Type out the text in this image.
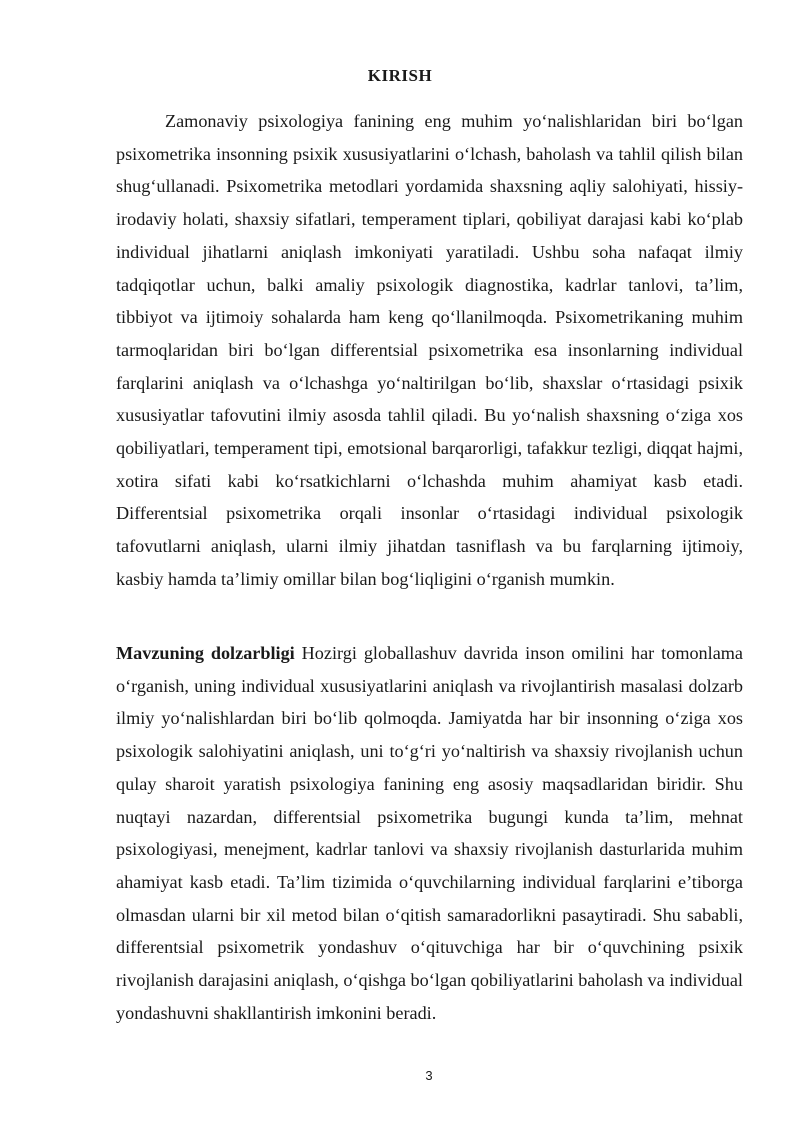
KIRISH

Zamonaviy psixologiya fanining eng muhim yo‘nalishlaridan biri bo‘lgan psixometrika insonning psixik xususiyatlarini o‘lchash, baholash va tahlil qilish bilan shug‘ullanadi. Psixometrika metodlari yordamida shaxsning aqliy salohiyati, hissiy-irodaviy holati, shaxsiy sifatlari, temperament tiplari, qobiliyat darajasi kabi ko‘plab individual jihatlarni aniqlash imkoniyati yaratiladi. Ushbu soha nafaqat ilmiy tadqiqotlar uchun, balki amaliy psixologik diagnostika, kadrlar tanlovi, ta’lim, tibbiyot va ijtimoiy sohalarda ham keng qo‘llanilmoqda. Psixometrikaning muhim tarmoqlaridan biri bo‘lgan differentsial psixometrika esa insonlarning individual farqlarini aniqlash va o‘lchashga yo‘naltirilgan bo‘lib, shaxslar o‘rtasidagi psixik xususiyatlar tafovutini ilmiy asosda tahlil qiladi. Bu yo‘nalish shaxsning o‘ziga xos qobiliyatlari, temperament tipi, emotsional barqarorligi, tafakkur tezligi, diqqat hajmi, xotira sifati kabi ko‘rsatkichlarni o‘lchashda muhim ahamiyat kasb etadi. Differentsial psixometrika orqali insonlar o‘rtasidagi individual psixologik tafovutlarni aniqlash, ularni ilmiy jihatdan tasniflash va bu farqlarning ijtimoiy, kasbiy hamda ta’limiy omillar bilan bog‘liqligini o‘rganish mumkin.

Mavzuning dolzarbligi Hozirgi globallashuv davrida inson omilini har tomonlama o‘rganish, uning individual xususiyatlarini aniqlash va rivojlantirish masalasi dolzarb ilmiy yo‘nalishlardan biri bo‘lib qolmoqda. Jamiyatda har bir insonning o‘ziga xos psixologik salohiyatini aniqlash, uni to‘g‘ri yo‘naltirish va shaxsiy rivojlanish uchun qulay sharoit yaratish psixologiya fanining eng asosiy maqsadlaridan biridir. Shu nuqtayi nazardan, differentsial psixometrika bugungi kunda ta’lim, mehnat psixologiyasi, menejment, kadrlar tanlovi va shaxsiy rivojlanish dasturlarida muhim ahamiyat kasb etadi. Ta’lim tizimida o‘quvchilarning individual farqlarini e’tiborga olmasdan ularni bir xil metod bilan o‘qitish samaradorlikni pasaytiradi. Shu sababli, differentsial psixometrik yondashuv o‘qituvchiga har bir o‘quvchining psixik rivojlanish darajasini aniqlash, o‘qishga bo‘lgan qobiliyatlarini baholash va individual yondashuvni shakllantirish imkonini beradi.

3
